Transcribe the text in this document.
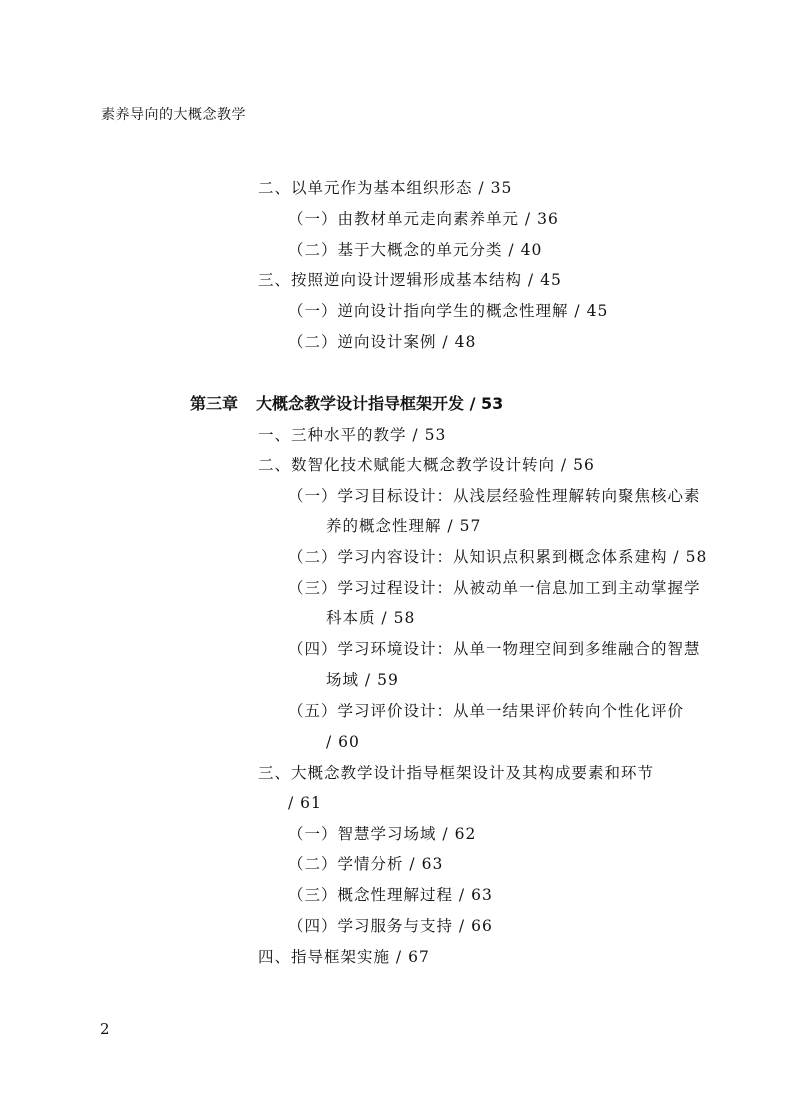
素养导向的大概念教学
二、以单元作为基本组织形态 / 35
（一）由教材单元走向素养单元 / 36
（二）基于大概念的单元分类 / 40
三、按照逆向设计逻辑形成基本结构 / 45
（一）逆向设计指向学生的概念性理解 / 45
（二）逆向设计案例 / 48
第三章 大概念教学设计指导框架开发 / 53
一、三种水平的教学 / 53
二、数智化技术赋能大概念教学设计转向 / 56
（一）学习目标设计：从浅层经验性理解转向聚焦核心素
养的概念性理解 / 57
（二）学习内容设计：从知识点积累到概念体系建构 / 58
（三）学习过程设计：从被动单一信息加工到主动掌握学
科本质 / 58
（四）学习环境设计：从单一物理空间到多维融合的智慧
场域 / 59
（五）学习评价设计：从单一结果评价转向个性化评价
/ 60
三、大概念教学设计指导框架设计及其构成要素和环节
/ 61
（一）智慧学习场域 / 62
（二）学情分析 / 63
（三）概念性理解过程 / 63
（四）学习服务与支持 / 66
四、指导框架实施 / 67
2
